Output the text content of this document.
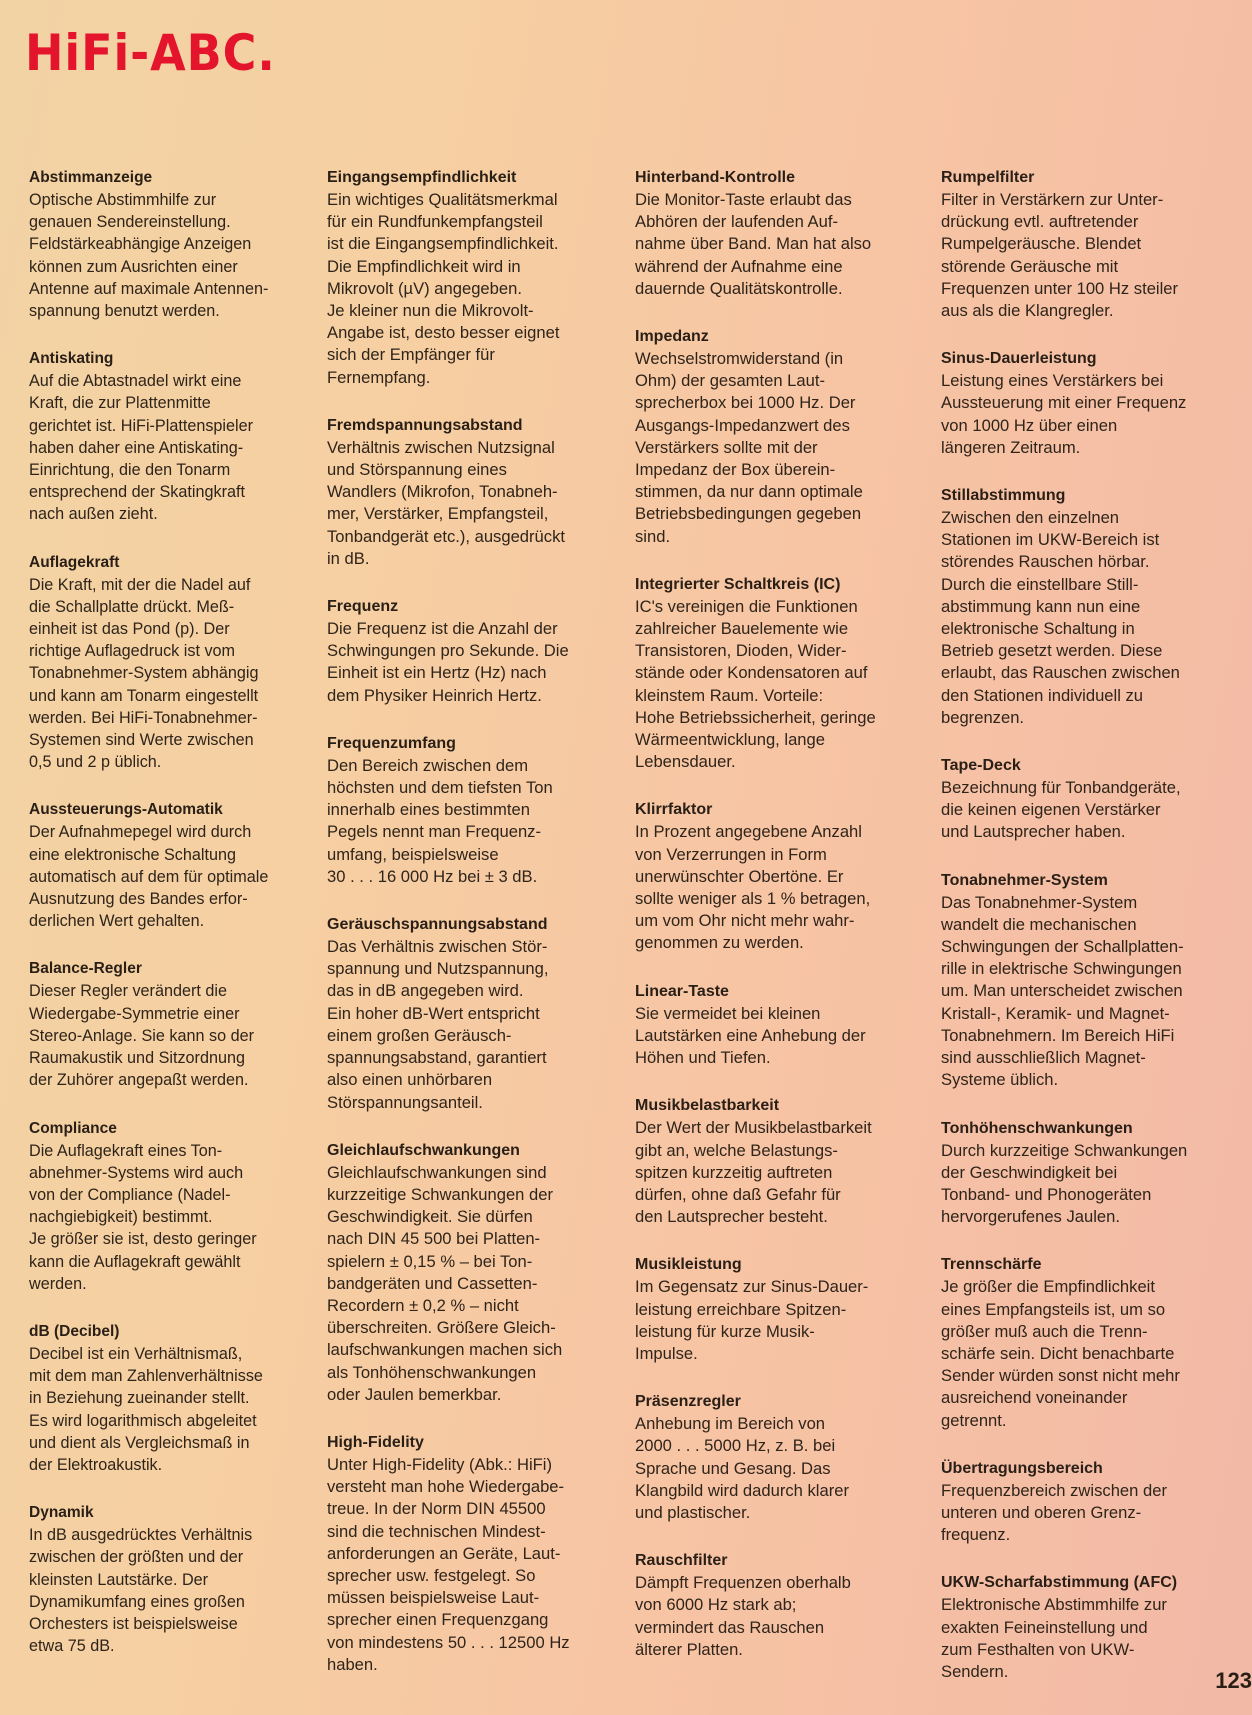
HiFi-ABC.
Abstimmanzeige

Optische Abstimmhilfe zur
genauen Sendereinstellung.
Feldstärkeabhängige Anzeigen
können zum Ausrichten einer
Antenne auf maximale Antennen-
spannung benutzt werden.

Antiskating

Auf die Abtastnadel wirkt eine
Kraft, die zur Plattenmitte
gerichtet ist. HiFi-Plattenspieler
haben daher eine Antiskating-
Einrichtung, die den Tonarm
entsprechend der Skatingkraft
nach außen zieht.

Auflagekraft

Die Kraft, mit der die Nadel auf
die Schallplatte drückt. Meß-
einheit ist das Pond (p). Der
richtige Auflagedruck ist vom
Tonabnehmer-System abhängig
und kann am Tonarm eingestellt
werden. Bei HiFi-Tonabnehmer-
Systemen sind Werte zwischen
0,5 und 2 p üblich.

Aussteuerungs-Automatik

Der Aufnahmepegel wird durch
eine elektronische Schaltung
automatisch auf dem für optimale
Ausnutzung des Bandes erfor-
derlichen Wert gehalten.

Balance-Regler

Dieser Regler verändert die
Wiedergabe-Symmetrie einer
Stereo-Anlage. Sie kann so der
Raumakustik und Sitzordnung
der Zuhörer angepaßt werden.

Compliance

Die Auflagekraft eines Ton-
abnehmer-Systems wird auch
von der Compliance (Nadel-
nachgiebigkeit) bestimmt.
Je größer sie ist, desto geringer
kann die Auflagekraft gewählt
werden.

dB (Decibel)

Decibel ist ein Verhältnismaß,
mit dem man Zahlenverhältnisse
in Beziehung zueinander stellt.
Es wird logarithmisch abgeleitet
und dient als Vergleichsmaß in
der Elektroakustik.

Dynamik

In dB ausgedrücktes Verhältnis
zwischen der größten und der
kleinsten Lautstärke. Der
Dynamikumfang eines großen
Orchesters ist beispielsweise
etwa 75 dB.

Eingangsempfindlichkeit

Ein wichtiges Qualitätsmerkmal
für ein Rundfunkempfangsteil
ist die Eingangsempfindlichkeit.
Die Empfindlichkeit wird in
Mikrovolt (µV) angegeben.
Je kleiner nun die Mikrovolt-
Angabe ist, desto besser eignet
sich der Empfänger für
Fernempfang.

Fremdspannungsabstand

Verhältnis zwischen Nutzsignal
und Störspannung eines
Wandlers (Mikrofon, Tonabneh-
mer, Verstärker, Empfangsteil,
Tonbandgerät etc.), ausgedrückt
in dB.

Frequenz

Die Frequenz ist die Anzahl der
Schwingungen pro Sekunde. Die
Einheit ist ein Hertz (Hz) nach
dem Physiker Heinrich Hertz.

Frequenzumfang

Den Bereich zwischen dem
höchsten und dem tiefsten Ton
innerhalb eines bestimmten
Pegels nennt man Frequenz-
umfang, beispielsweise
30 . . . 16 000 Hz bei ± 3 dB.

Geräuschspannungsabstand

Das Verhältnis zwischen Stör-
spannung und Nutzspannung,
das in dB angegeben wird.
Ein hoher dB-Wert entspricht
einem großen Geräusch-
spannungsabstand, garantiert
also einen unhörbaren
Störspannungsanteil.

Gleichlaufschwankungen

Gleichlaufschwankungen sind
kurzzeitige Schwankungen der
Geschwindigkeit. Sie dürfen
nach DIN 45 500 bei Platten-
spielern ± 0,15 % – bei Ton-
bandgeräten und Cassetten-
Recordern ± 0,2 % – nicht
überschreiten. Größere Gleich-
laufschwankungen machen sich
als Tonhöhenschwankungen
oder Jaulen bemerkbar.

High-Fidelity

Unter High-Fidelity (Abk.: HiFi)
versteht man hohe Wiedergabe-
treue. In der Norm DIN 45500
sind die technischen Mindest-
anforderungen an Geräte, Laut-
sprecher usw. festgelegt. So
müssen beispielsweise Laut-
sprecher einen Frequenzgang
von mindestens 50 . . . 12500 Hz
haben.

Hinterband-Kontrolle

Die Monitor-Taste erlaubt das
Abhören der laufenden Auf-
nahme über Band. Man hat also
während der Aufnahme eine
dauernde Qualitätskontrolle.

Impedanz

Wechselstromwiderstand (in
Ohm) der gesamten Laut-
sprecherbox bei 1000 Hz. Der
Ausgangs-Impedanzwert des
Verstärkers sollte mit der
Impedanz der Box überein-
stimmen, da nur dann optimale
Betriebsbedingungen gegeben
sind.

Integrierter Schaltkreis (IC)

IC's vereinigen die Funktionen
zahlreicher Bauelemente wie
Transistoren, Dioden, Wider-
stände oder Kondensatoren auf
kleinstem Raum. Vorteile:
Hohe Betriebssicherheit, geringe
Wärmeentwicklung, lange
Lebensdauer.

Klirrfaktor

In Prozent angegebene Anzahl
von Verzerrungen in Form
unerwünschter Obertöne. Er
sollte weniger als 1 % betragen,
um vom Ohr nicht mehr wahr-
genommen zu werden.

Linear-Taste

Sie vermeidet bei kleinen
Lautstärken eine Anhebung der
Höhen und Tiefen.

Musikbelastbarkeit

Der Wert der Musikbelastbarkeit
gibt an, welche Belastungs-
spitzen kurzzeitig auftreten
dürfen, ohne daß Gefahr für
den Lautsprecher besteht.

Musikleistung

Im Gegensatz zur Sinus-Dauer-
leistung erreichbare Spitzen-
leistung für kurze Musik-
Impulse.

Präsenzregler

Anhebung im Bereich von
2000 . . . 5000 Hz, z. B. bei
Sprache und Gesang. Das
Klangbild wird dadurch klarer
und plastischer.

Rauschfilter

Dämpft Frequenzen oberhalb
von 6000 Hz stark ab;
vermindert das Rauschen
älterer Platten.

Rumpelfilter

Filter in Verstärkern zur Unter-
drückung evtl. auftretender
Rumpelgeräusche. Blendet
störende Geräusche mit
Frequenzen unter 100 Hz steiler
aus als die Klangregler.

Sinus-Dauerleistung

Leistung eines Verstärkers bei
Aussteuerung mit einer Frequenz
von 1000 Hz über einen
längeren Zeitraum.

Stillabstimmung

Zwischen den einzelnen
Stationen im UKW-Bereich ist
störendes Rauschen hörbar.
Durch die einstellbare Still-
abstimmung kann nun eine
elektronische Schaltung in
Betrieb gesetzt werden. Diese
erlaubt, das Rauschen zwischen
den Stationen individuell zu
begrenzen.

Tape-Deck

Bezeichnung für Tonbandgeräte,
die keinen eigenen Verstärker
und Lautsprecher haben.

Tonabnehmer-System

Das Tonabnehmer-System
wandelt die mechanischen
Schwingungen der Schallplatten-
rille in elektrische Schwingungen
um. Man unterscheidet zwischen
Kristall-, Keramik- und Magnet-
Tonabnehmern. Im Bereich HiFi
sind ausschließlich Magnet-
Systeme üblich.

Tonhöhenschwankungen

Durch kurzzeitige Schwankungen
der Geschwindigkeit bei
Tonband- und Phonogeräten
hervorgerufenes Jaulen.

Trennschärfe

Je größer die Empfindlichkeit
eines Empfangsteils ist, um so
größer muß auch die Trenn-
schärfe sein. Dicht benachbarte
Sender würden sonst nicht mehr
ausreichend voneinander
getrennt.

Übertragungsbereich

Frequenzbereich zwischen der
unteren und oberen Grenz-
frequenz.

UKW-Scharfabstimmung (AFC)

Elektronische Abstimmhilfe zur
exakten Feineinstellung und
zum Festhalten von UKW-
Sendern.	123
